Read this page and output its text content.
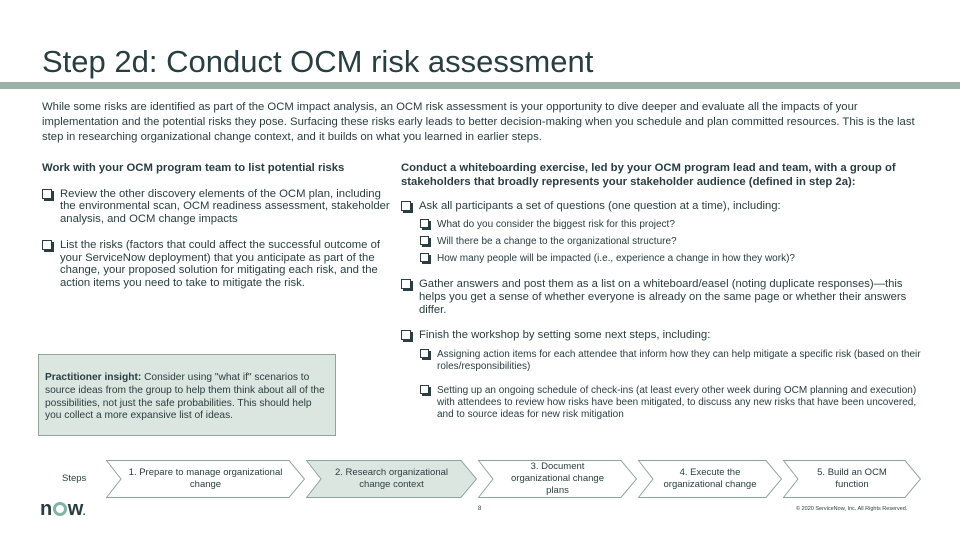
Step 2d: Conduct OCM risk assessment

While some risks are identified as part of the OCM impact analysis, an OCM risk assessment is your opportunity to dive deeper and evaluate all the impacts of your implementation and the potential risks they pose. Surfacing these risks early leads to better decision-making when you schedule and plan committed resources. This is the last step in researching organizational change context, and it builds on what you learned in earlier steps.

Work with your OCM program team to list potential risks
Review the other discovery elements of the OCM plan, including the environmental scan, OCM readiness assessment, stakeholder analysis, and OCM change impacts
List the risks (factors that could affect the successful outcome of your ServiceNow deployment) that you anticipate as part of the change, your proposed solution for mitigating each risk, and the action items you need to take to mitigate the risk.
Conduct a whiteboarding exercise, led by your OCM program lead and team, with a group of stakeholders that broadly represents your stakeholder audience (defined in step 2a):
Ask all participants a set of questions (one question at a time), including:
What do you consider the biggest risk for this project?
Will there be a change to the organizational structure?
How many people will be impacted (i.e., experience a change in how they work)?
Gather answers and post them as a list on a whiteboard/easel (noting duplicate responses)—this helps you get a sense of whether everyone is already on the same page or whether their answers differ.
Finish the workshop by setting some next steps, including:
Assigning action items for each attendee that inform how they can help mitigate a specific risk (based on their roles/responsibilities)
Setting up an ongoing schedule of check-ins (at least every other week during OCM planning and execution) with attendees to review how risks have been mitigated, to discuss any new risks that have been uncovered, and to source ideas for new risk mitigation
Practitioner insight: Consider using "what if" scenarios to source ideas from the group to help them think about all of the possibilities, not just the safe probabilities. This should help you collect a more expansive list of ideas.
Steps
1. Prepare to manage organizational change
2. Research organizational change context
3. Document organizational change plans
4. Execute the organizational change
5. Build an OCM function
n w .	8	© 2020 ServiceNow, Inc. All Rights Reserved.
